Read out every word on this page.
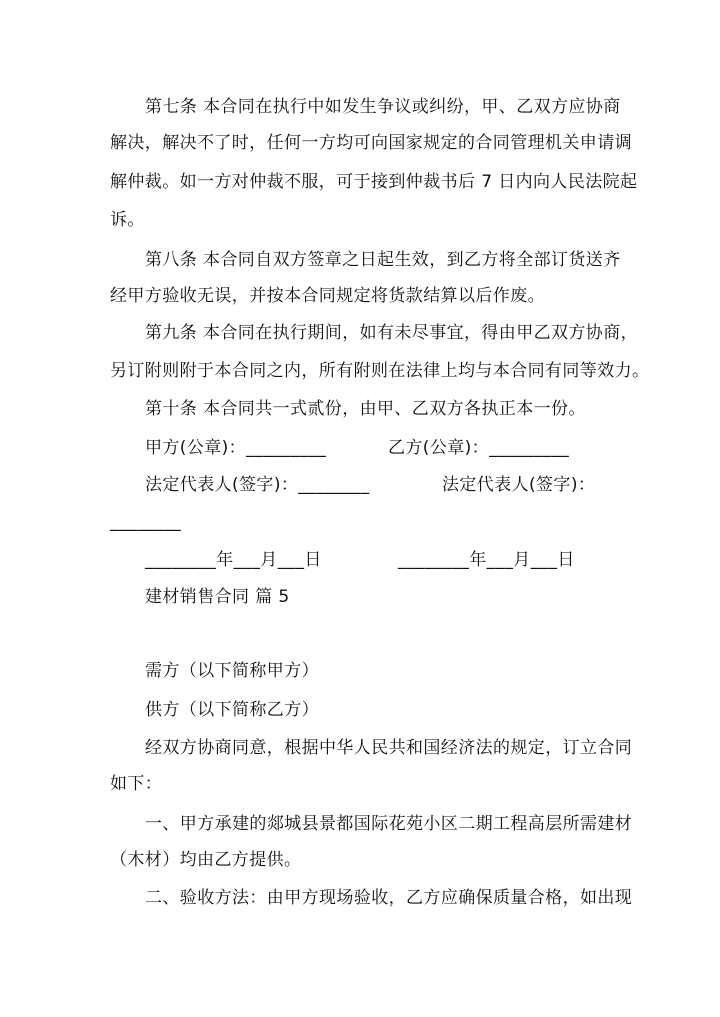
第七条 本合同在执行中如发生争议或纠纷，甲、乙双方应协商
解决，解决不了时，任何一方均可向国家规定的合同管理机关申请调
解仲裁。如一方对仲裁不服，可于接到仲裁书后 7 日内向人民法院起
诉。
第八条 本合同自双方签章之日起生效，到乙方将全部订货送齐
经甲方验收无误，并按本合同规定将货款结算以后作废。
第九条 本合同在执行期间，如有未尽事宜，得由甲乙双方协商，
另订附则附于本合同之内，所有附则在法律上均与本合同有同等效力。
第十条 本合同共一式贰份，由甲、乙双方各执正本一份。
甲方(公章)：_________	乙方(公章)：_________
法定代表人(签字)：________	法定代表人(签字)：
________
________年___月___日	________年___月___日
建材销售合同 篇 5
需方（以下简称甲方）
供方（以下简称乙方）
经双方协商同意，根据中华人民共和国经济法的规定，订立合同
如下：
一、甲方承建的郯城县景都国际花苑小区二期工程高层所需建材
（木材）均由乙方提供。
二、验收方法：由甲方现场验收，乙方应确保质量合格，如出现
